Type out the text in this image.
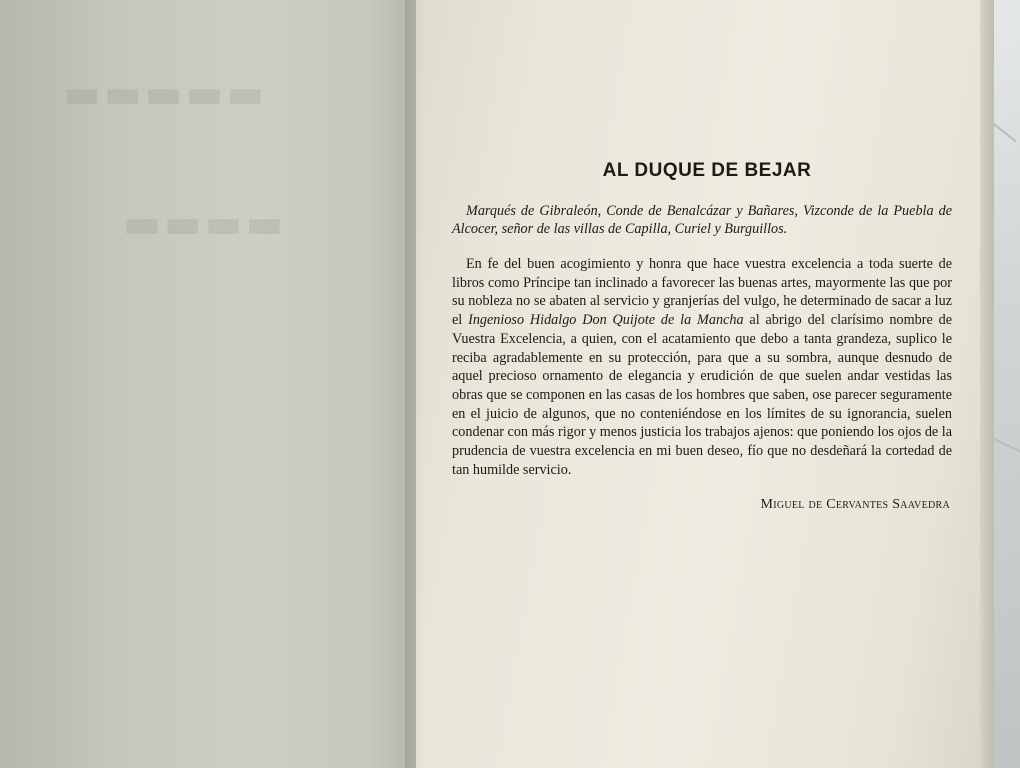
▬▬▬▬▬
▬▬▬▬
AL DUQUE DE BEJAR

Marqués de Gibraleón, Conde de Benalcázar y Bañares, Vizconde de la Puebla de Alcocer, señor de las villas de Capilla, Curiel y Burguillos.

En fe del buen acogimiento y honra que hace vuestra excelencia a toda suerte de libros como Príncipe tan inclinado a favorecer las buenas artes, mayormente las que por su nobleza no se abaten al servicio y granjerías del vulgo, he determinado de sacar a luz el Ingenioso Hidalgo Don Quijote de la Mancha al abrigo del clarísimo nombre de Vuestra Excelencia, a quien, con el acatamiento que debo a tanta grandeza, suplico le reciba agradablemente en su protección, para que a su sombra, aunque desnudo de aquel precioso ornamento de elegancia y erudición de que suelen andar vestidas las obras que se componen en las casas de los hombres que saben, ose parecer seguramente en el juicio de algunos, que no conteniéndose en los límites de su ignorancia, suelen condenar con más rigor y menos justicia los trabajos ajenos: que poniendo los ojos de la prudencia de vuestra excelencia en mi buen deseo, fío que no desdeñará la cortedad de tan humilde servicio.

Miguel de Cervantes Saavedra
